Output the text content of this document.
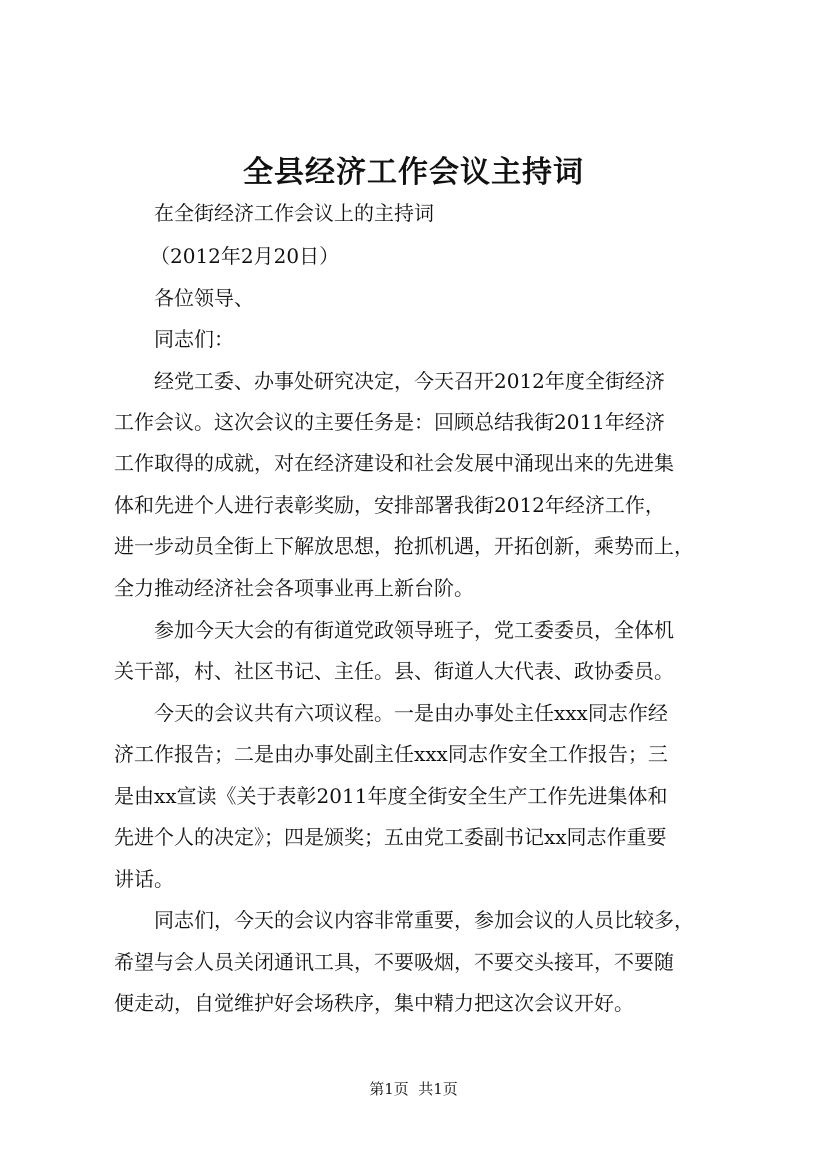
全县经济工作会议主持词
在全街经济工作会议上的主持词
（2012年2月20日）
各位领导、
同志们：
经党工委、办事处研究决定，今天召开2012年度全街经济
工作会议。这次会议的主要任务是：回顾总结我街2011年经济
工作取得的成就，对在经济建设和社会发展中涌现出来的先进集
体和先进个人进行表彰奖励，安排部署我街2012年经济工作，
进一步动员全街上下解放思想，抢抓机遇，开拓创新，乘势而上，
全力推动经济社会各项事业再上新台阶。
参加今天大会的有街道党政领导班子，党工委委员，全体机
关干部，村、社区书记、主任。县、街道人大代表、政协委员。
今天的会议共有六项议程。一是由办事处主任xxx同志作经
济工作报告；二是由办事处副主任xxx同志作安全工作报告；三
是由xx宣读《关于表彰2011年度全街安全生产工作先进集体和
先进个人的决定》；四是颁奖；五由党工委副书记xx同志作重要
讲话。
同志们，今天的会议内容非常重要，参加会议的人员比较多，
希望与会人员关闭通讯工具，不要吸烟，不要交头接耳，不要随
便走动，自觉维护好会场秩序，集中精力把这次会议开好。
第1页  共1页
